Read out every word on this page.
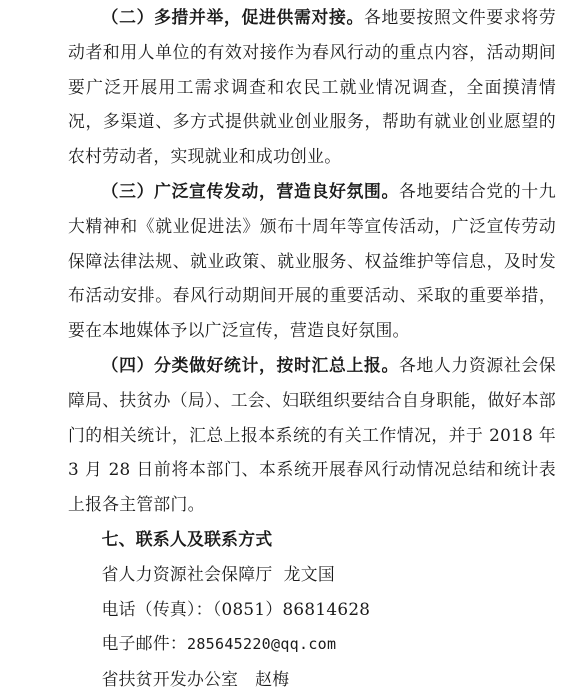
（二）多措并举，促进供需对接。各地要按照文件要求将劳动者和用人单位的有效对接作为春风行动的重点内容，活动期间要广泛开展用工需求调查和农民工就业情况调查，全面摸清情况，多渠道、多方式提供就业创业服务，帮助有就业创业愿望的农村劳动者，实现就业和成功创业。

（三）广泛宣传发动，营造良好氛围。各地要结合党的十九大精神和《就业促进法》颁布十周年等宣传活动，广泛宣传劳动保障法律法规、就业政策、就业服务、权益维护等信息，及时发布活动安排。春风行动期间开展的重要活动、采取的重要举措，要在本地媒体予以广泛宣传，营造良好氛围。

（四）分类做好统计，按时汇总上报。各地人力资源社会保障局、扶贫办（局）、工会、妇联组织要结合自身职能，做好本部门的相关统计，汇总上报本系统的有关工作情况，并于 2018 年 3 月 28 日前将本部门、本系统开展春风行动情况总结和统计表上报各主管部门。

七、联系人及联系方式

省人力资源社会保障厅  龙文国

电话（传真）：（0851）86814628

电子邮件：285645220@qq.com

省扶贫开发办公室   赵梅
